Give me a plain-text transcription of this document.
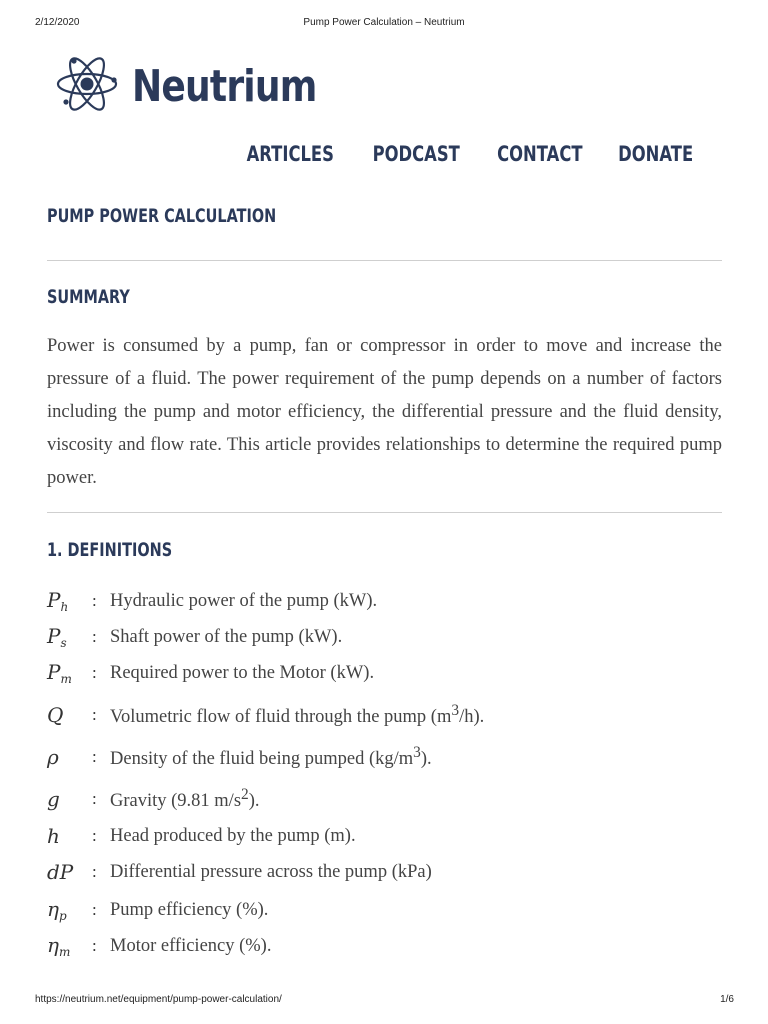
2/12/2020	Pump Power Calculation – Neutrium
Neutrium
ARTICLES PODCAST CONTACT DONATE
PUMP POWER CALCULATION
SUMMARY

Power is consumed by a pump, fan or compressor in order to move and increase the pressure of a fluid. The power requirement of the pump depends on a number of factors including the pump and motor efficiency, the differential pressure and the fluid density, viscosity and flow rate. This article provides relationships to determine the required pump power.

1. DEFINITIONS
$P_h$	: Hydraulic power of the pump (kW).
$P_s$	: Shaft power of the pump (kW).
$P_m$	: Required power to the Motor (kW).
Q	: Volumetric flow of fluid through the pump $(m^3/h)$.
ρ	: Density of the fluid being pumped $(kg/m^3)$.
g	: Gravity (9.81 $m/s^2$).
h	: Head produced by the pump (m).
dP	: Differential pressure across the pump (kPa)
$\eta_p$	: Pump efficiency (%).
$\eta_m$	: Motor efficiency (%).
https://neutrium.net/equipment/pump-power-calculation/	1/6
